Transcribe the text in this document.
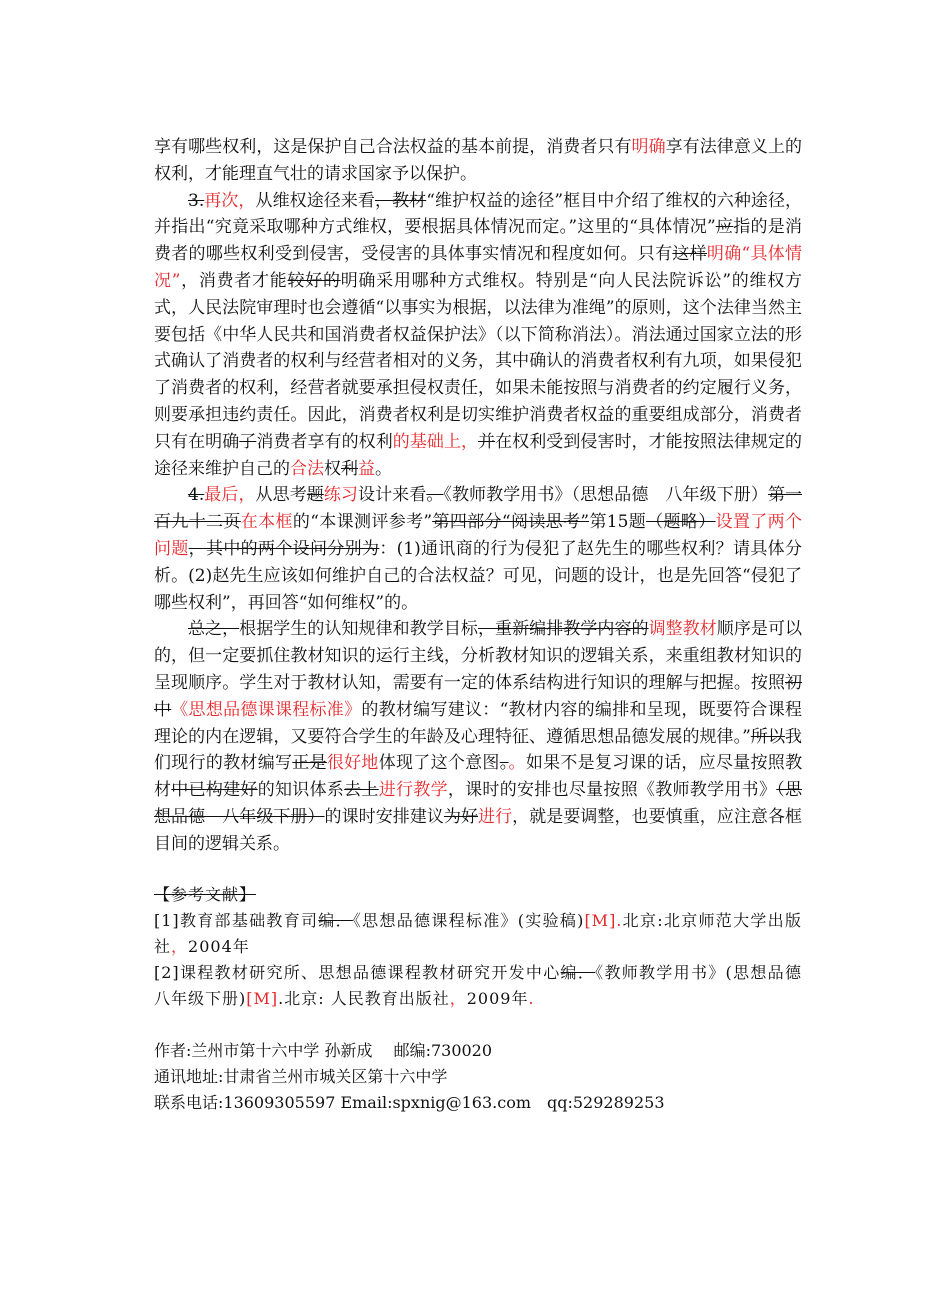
享有哪些权利，这是保护自己合法权益的基本前提，消费者只有明确享有法律意义上的权利，才能理直气壮的请求国家予以保护。

3.再次，从维权途径来看，教材“维护权益的途径”框目中介绍了维权的六种途径，并指出“究竟采取哪种方式维权，要根据具体情况而定。”这里的“具体情况”应指的是消费者的哪些权利受到侵害，受侵害的具体事实情况和程度如何。只有这样明确“具体情况”，消费者才能较好的明确采用哪种方式维权。特别是“向人民法院诉讼”的维权方式，人民法院审理时也会遵循“以事实为根据，以法律为准绳”的原则，这个法律当然主要包括《中华人民共和国消费者权益保护法》（以下简称消法）。消法通过国家立法的形式确认了消费者的权利与经营者相对的义务，其中确认的消费者权利有九项，如果侵犯了消费者的权利，经营者就要承担侵权责任，如果未能按照与消费者的约定履行义务，则要承担违约责任。因此，消费者权利是切实维护消费者权益的重要组成部分，消费者只有在明确了消费者享有的权利的基础上，并在权利受到侵害时，才能按照法律规定的途径来维护自己的合法权利益。

4.最后，从思考题练习设计来看。《教师教学用书》（思想品德　八年级下册）第一百九十二页在本框的“本课测评参考”第四部分“阅读思考”第15题（题略）设置了两个问题，其中的两个设问分别为：(1)通讯商的行为侵犯了赵先生的哪些权利？请具体分析。(2)赵先生应该如何维护自己的合法权益？可见，问题的设计，也是先回答“侵犯了哪些权利”，再回答“如何维权”的。

总之，根据学生的认知规律和教学目标，重新编排教学内容的调整教材顺序是可以的，但一定要抓住教材知识的运行主线，分析教材知识的逻辑关系，来重组教材知识的呈现顺序。学生对于教材认知，需要有一定的体系结构进行知识的理解与把握。按照初中《思想品德课课程标准》的教材编写建议：“教材内容的编排和呈现，既要符合课程理论的内在逻辑，又要符合学生的年龄及心理特征、遵循思想品德发展的规律。”所以我们现行的教材编写正是很好地体现了这个意图。。如果不是复习课的话，应尽量按照教材中已构建好的知识体系去上进行教学，课时的安排也尽量按照《教师教学用书》（思想品德　八年级下册）的课时安排建议为好进行，就是要调整，也要慎重，应注意各框目间的逻辑关系。

【参考文献】

[1]教育部基础教育司编．《思想品德课程标准》(实验稿)[M].北京:北京师范大学出版社，2004年

[2]课程教材研究所、思想品德课程教材研究开发中心编．《教师教学用书》(思想品德　八年级下册)[M].北京: 人民教育出版社，2009年.

作者:兰州市第十六中学 孙新成　 邮编:730020

通讯地址:甘肃省兰州市城关区第十六中学

联系电话:13609305597 Email:spxnig@163.com　qq:529289253
